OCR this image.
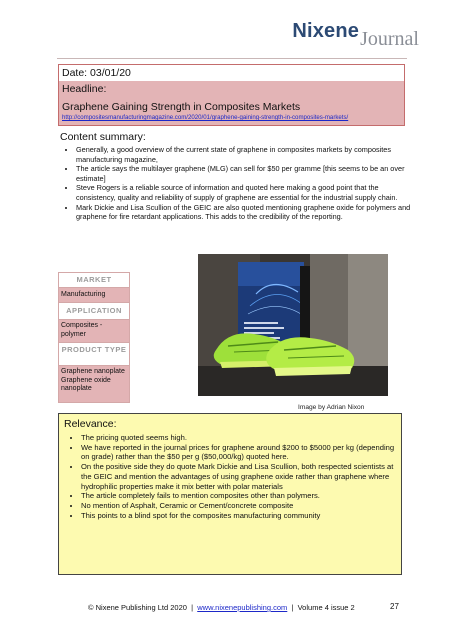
NixeneJournal
Date: 03/01/20
Headline:
Graphene Gaining Strength in Composites Markets
http://compositesmanufacturingmagazine.com/2020/01/graphene-gaining-strength-in-composites-markets/
Content summary:
• Generally, a good overview of the current state of graphene in composites markets by composites manufacturing magazine,
• The article says the multilayer graphene (MLG) can sell for $50 per gramme [this seems to be an over estimate]
• Steve Rogers is a reliable source of information and quoted here making a good point that the consistency, quality and reliability of supply of graphene are essential for the industrial supply chain.
• Mark Dickie and Lisa Scullion of the GEIC are also quoted mentioning graphene oxide for polymers and graphene for fire retardant applications. This adds to the credibility of the reporting.
MARKET
Manufacturing
APPLICATION
Composites - polymer
PRODUCT TYPE
Graphene nanoplate Graphene oxide nanoplate
Image by Adrian Nixon
Relevance:
• The pricing quoted seems high.
• We have reported in the journal prices for graphene around $200 to $5000 per kg (depending on grade) rather than the $50 per g ($50,000/kg) quoted here.
• On the positive side they do quote Mark Dickie and Lisa Scullion, both respected scientists at the GEIC and mention the advantages of using graphene oxide rather than graphene where hydrophilic properties make it mix better with polar materials
• The article completely fails to mention composites other than polymers.
• No mention of Asphalt, Ceramic or Cement/concrete composite
• This points to a blind spot for the composites manufacturing community
© Nixene Publishing Ltd 2020 | www.nixenepublishing.com | Volume 4 issue 2	27
